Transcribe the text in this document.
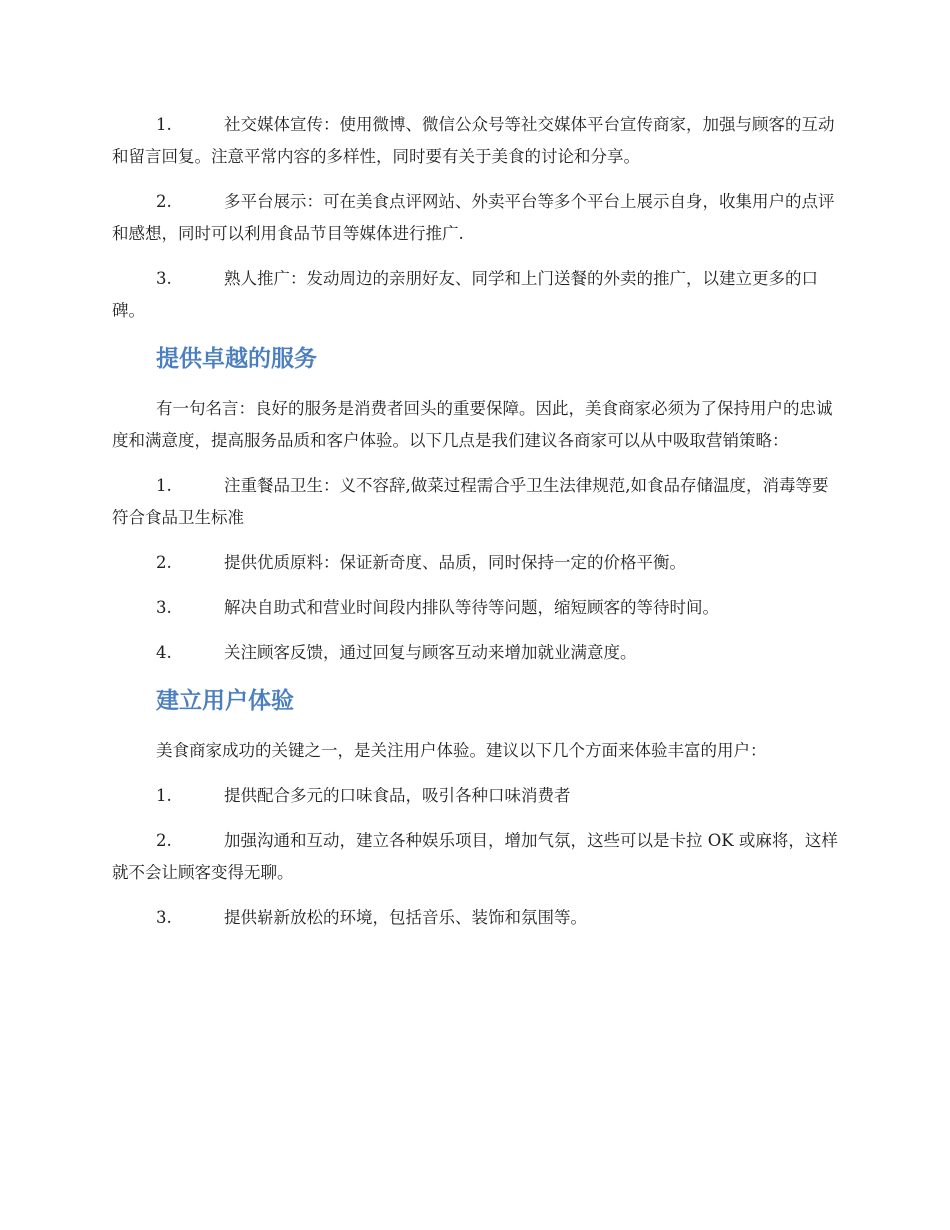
1.	社交媒体宣传：使用微博、微信公众号等社交媒体平台宣传商家，加强与顾客的互动和留言回复。注意平常内容的多样性，同时要有关于美食的讨论和分享。
2.	多平台展示：可在美食点评网站、外卖平台等多个平台上展示自身，收集用户的点评和感想，同时可以利用食品节目等媒体进行推广.
3.	熟人推广：发动周边的亲朋好友、同学和上门送餐的外卖的推广，以建立更多的口碑。
提供卓越的服务

有一句名言：良好的服务是消费者回头的重要保障。因此，美食商家必须为了保持用户的忠诚度和满意度，提高服务品质和客户体验。以下几点是我们建议各商家可以从中吸取营销策略：

1.	注重餐品卫生：义不容辞,做菜过程需合乎卫生法律规范,如食品存储温度，消毒等要符合食品卫生标准
2.	提供优质原料：保证新奇度、品质，同时保持一定的价格平衡。
3.	解决自助式和营业时间段内排队等待等问题，缩短顾客的等待时间。
4.	关注顾客反馈，通过回复与顾客互动来增加就业满意度。
建立用户体验

美食商家成功的关键之一，是关注用户体验。建议以下几个方面来体验丰富的用户：

1.	提供配合多元的口味食品，吸引各种口味消费者
2.	加强沟通和互动，建立各种娱乐项目，增加气氛，这些可以是卡拉 OK 或麻将，这样就不会让顾客变得无聊。
3.	提供崭新放松的环境，包括音乐、装饰和氛围等。
